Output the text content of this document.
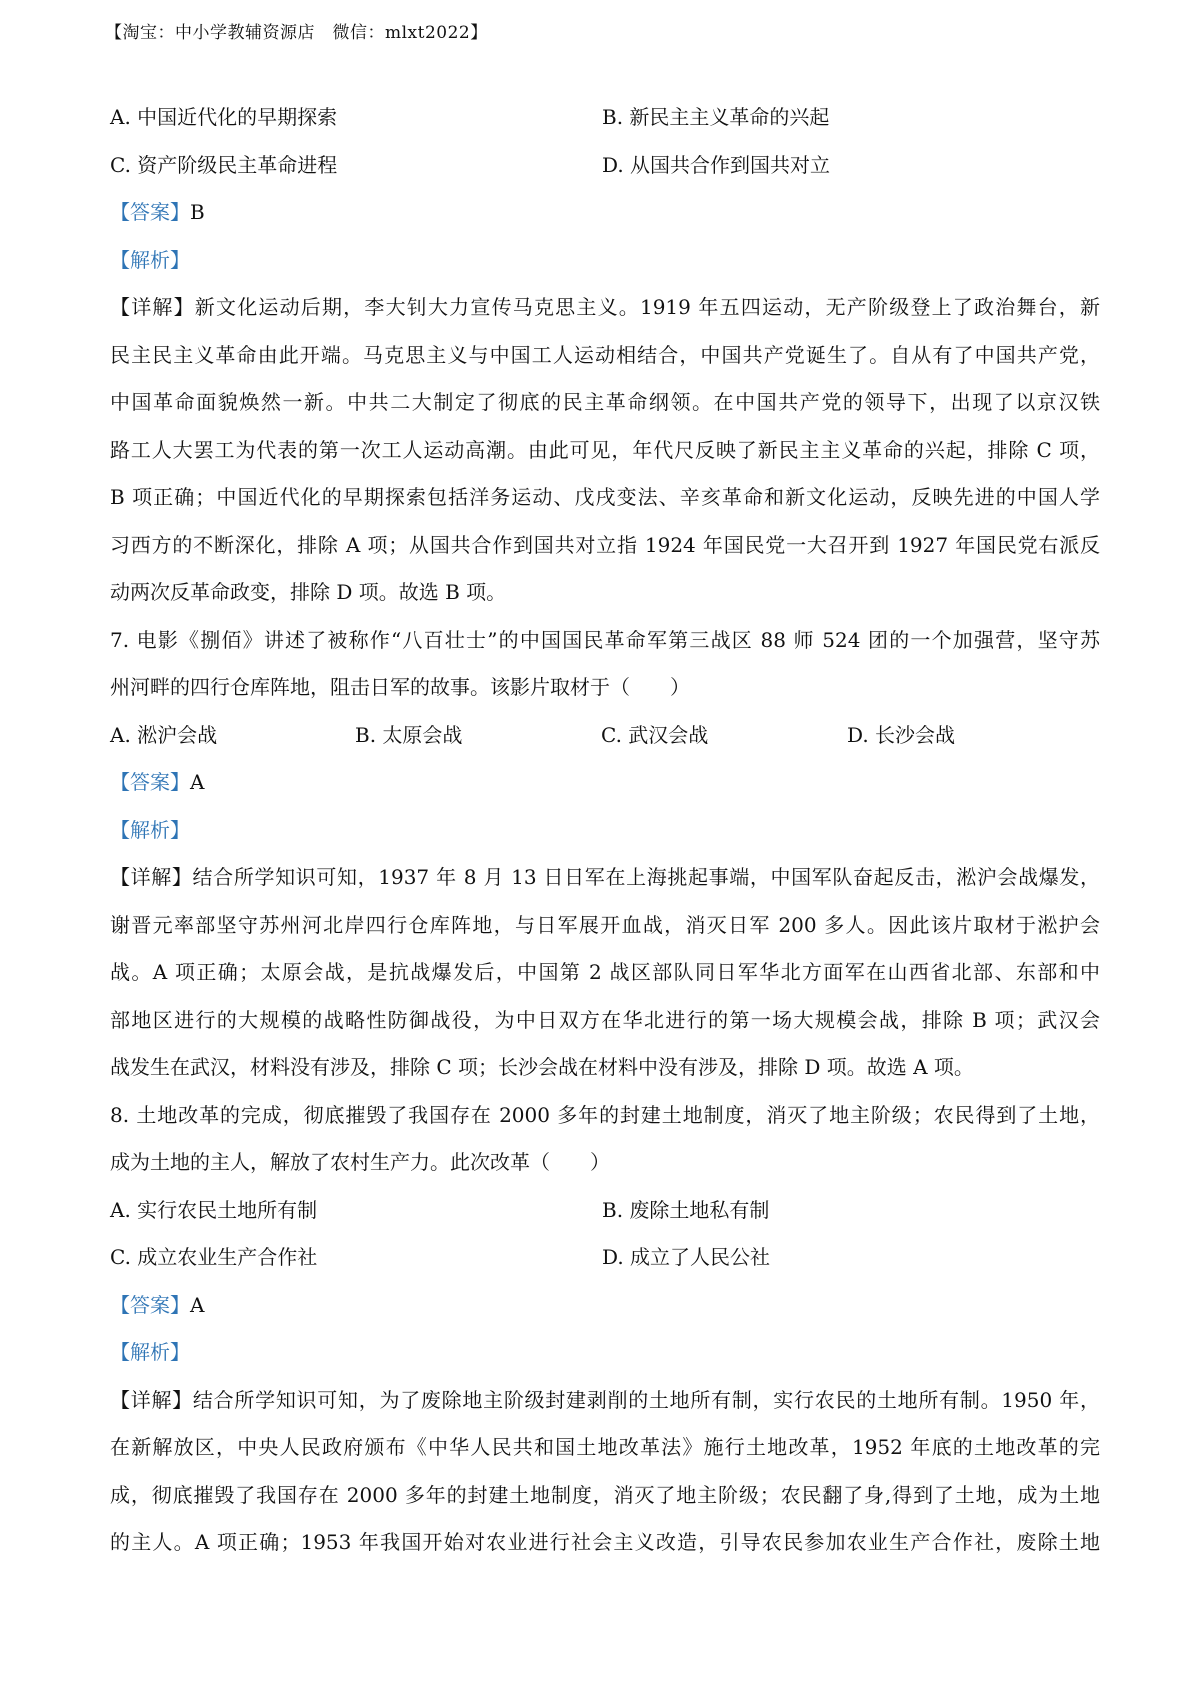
【淘宝：中小学教辅资源店　微信：mlxt2022】
A. 中国近代化的早期探索	B. 新民主主义革命的兴起
C. 资产阶级民主革命进程	D. 从国共合作到国共对立
【答案】B
【解析】
【详解】新文化运动后期，李大钊大力宣传马克思主义。1919 年五四运动，无产阶级登上了政治舞台，新
民主民主义革命由此开端。马克思主义与中国工人运动相结合，中国共产党诞生了。自从有了中国共产党，
中国革命面貌焕然一新。中共二大制定了彻底的民主革命纲领。在中国共产党的领导下，出现了以京汉铁
路工人大罢工为代表的第一次工人运动高潮。由此可见，年代尺反映了新民主主义革命的兴起，排除 C 项，
B 项正确；中国近代化的早期探索包括洋务运动、戊戌变法、辛亥革命和新文化运动，反映先进的中国人学
习西方的不断深化，排除 A 项；从国共合作到国共对立指 1924 年国民党一大召开到 1927 年国民党右派反
动两次反革命政变，排除 D 项。故选 B 项。
7. 电影《捌佰》讲述了被称作“八百壮士”的中国国民革命军第三战区 88 师 524 团的一个加强营，坚守苏
州河畔的四行仓库阵地，阻击日军的故事。该影片取材于（　　）
A. 淞沪会战	B. 太原会战	C. 武汉会战	D. 长沙会战
【答案】A
【解析】
【详解】结合所学知识可知，1937 年 8 月 13 日日军在上海挑起事端，中国军队奋起反击，淞沪会战爆发，
谢晋元率部坚守苏州河北岸四行仓库阵地，与日军展开血战，消灭日军 200 多人。因此该片取材于淞护会
战。A 项正确；太原会战，是抗战爆发后，中国第 2 战区部队同日军华北方面军在山西省北部、东部和中
部地区进行的大规模的战略性防御战役，为中日双方在华北进行的第一场大规模会战，排除 B 项；武汉会
战发生在武汉，材料没有涉及，排除 C 项；长沙会战在材料中没有涉及，排除 D 项。故选 A 项。
8. 土地改革的完成，彻底摧毁了我国存在 2000 多年的封建土地制度，消灭了地主阶级；农民得到了土地，
成为土地的主人，解放了农村生产力。此次改革（　　）
A. 实行农民土地所有制	B. 废除土地私有制
C. 成立农业生产合作社	D. 成立了人民公社
【答案】A
【解析】
【详解】结合所学知识可知，为了废除地主阶级封建剥削的土地所有制，实行农民的土地所有制。1950 年，
在新解放区，中央人民政府颁布《中华人民共和国土地改革法》施行土地改革，1952 年底的土地改革的完
成，彻底摧毁了我国存在 2000 多年的封建土地制度，消灭了地主阶级；农民翻了身,得到了土地，成为土地
的主人。A 项正确；1953 年我国开始对农业进行社会主义改造，引导农民参加农业生产合作社，废除土地
